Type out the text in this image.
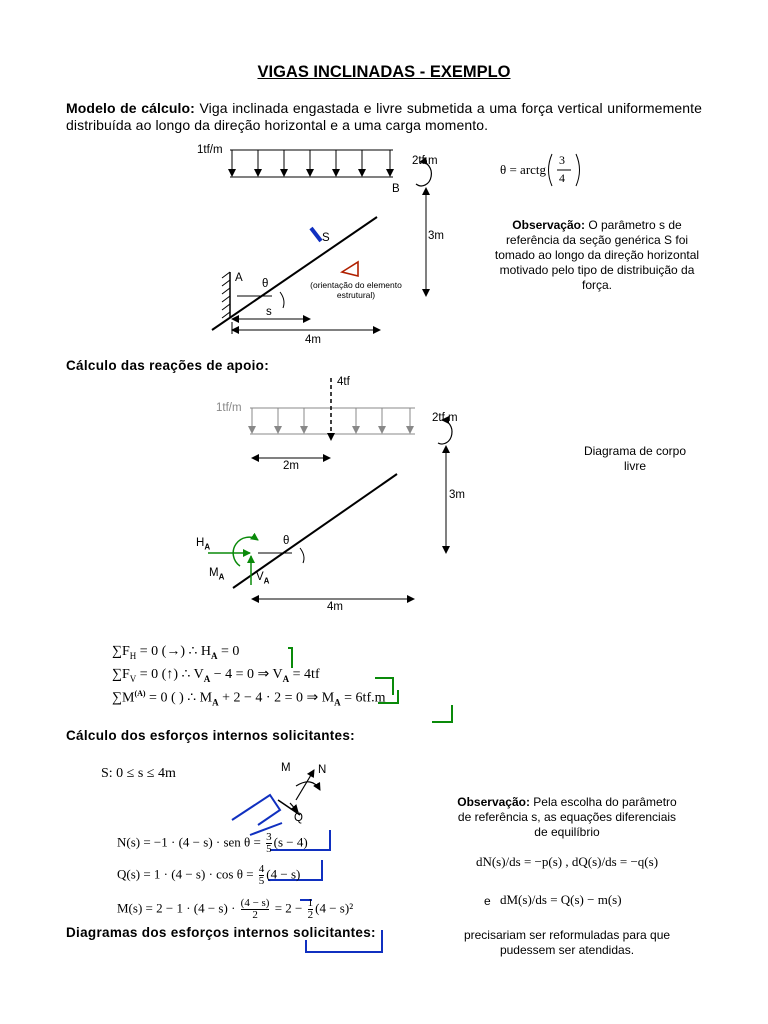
VIGAS INCLINADAS - EXEMPLO
Modelo de cálculo: Viga inclinada engastada e livre submetida a uma força vertical uniformemente distribuída ao longo da direção horizontal e a uma carga momento.
1tf/m
2tf.m
B
A
S
θ
s
3m
4m
(orientação do elemento estrutural)
θ = arctg
3
4
Observação: O parâmetro s de referência da seção genérica S foi tomado ao longo da direção horizontal motivado pelo tipo de distribuição da força.
Cálculo das reações de apoio:
4tf
1tf/m
2tf.m
2m
3m
4m
θ
$H_A$
$M_A$	$V_A$
Diagrama de corpo livre
$\sum F_H = 0$ (→) ∴ $H_A = 0$
$\sum F_V = 0$ (↑) ∴ $V_A - 4 = 0$ ⇒ $V_A = 4tf$
$\sum M^{(A)} = 0$ ( ) ∴ $M_A + 2 - 4 \cdot 2 = 0$ ⇒ $M_A = 6tf.m$
Cálculo dos esforços internos solicitantes:
S: 0 ≤ s ≤ 4m	M N
Q
N(s) = −1 · (4 − s) · sen $\theta = \frac{3}{5} (s - 4)$
$Q(s) = 1 \cdot (4 - s) \cdot \cos \theta = \frac{4}{5} (4 - s)$
$M(s) = 2 - 1 \cdot (4 - s) \cdot \frac{(4 - s)}{2} = 2 - \frac{1}{2} (4 - s)^2$
Observação: Pela escolha do parâmetro de referência s, as equações diferenciais de equilíbrio
dN(s)/ds = −p(s) , dQ(s)/ds = −q(s)
e dM(s)/ds = Q(s) − m(s)
precisariam ser reformuladas para que pudessem ser atendidas.
Diagramas dos esforços internos solicitantes:
